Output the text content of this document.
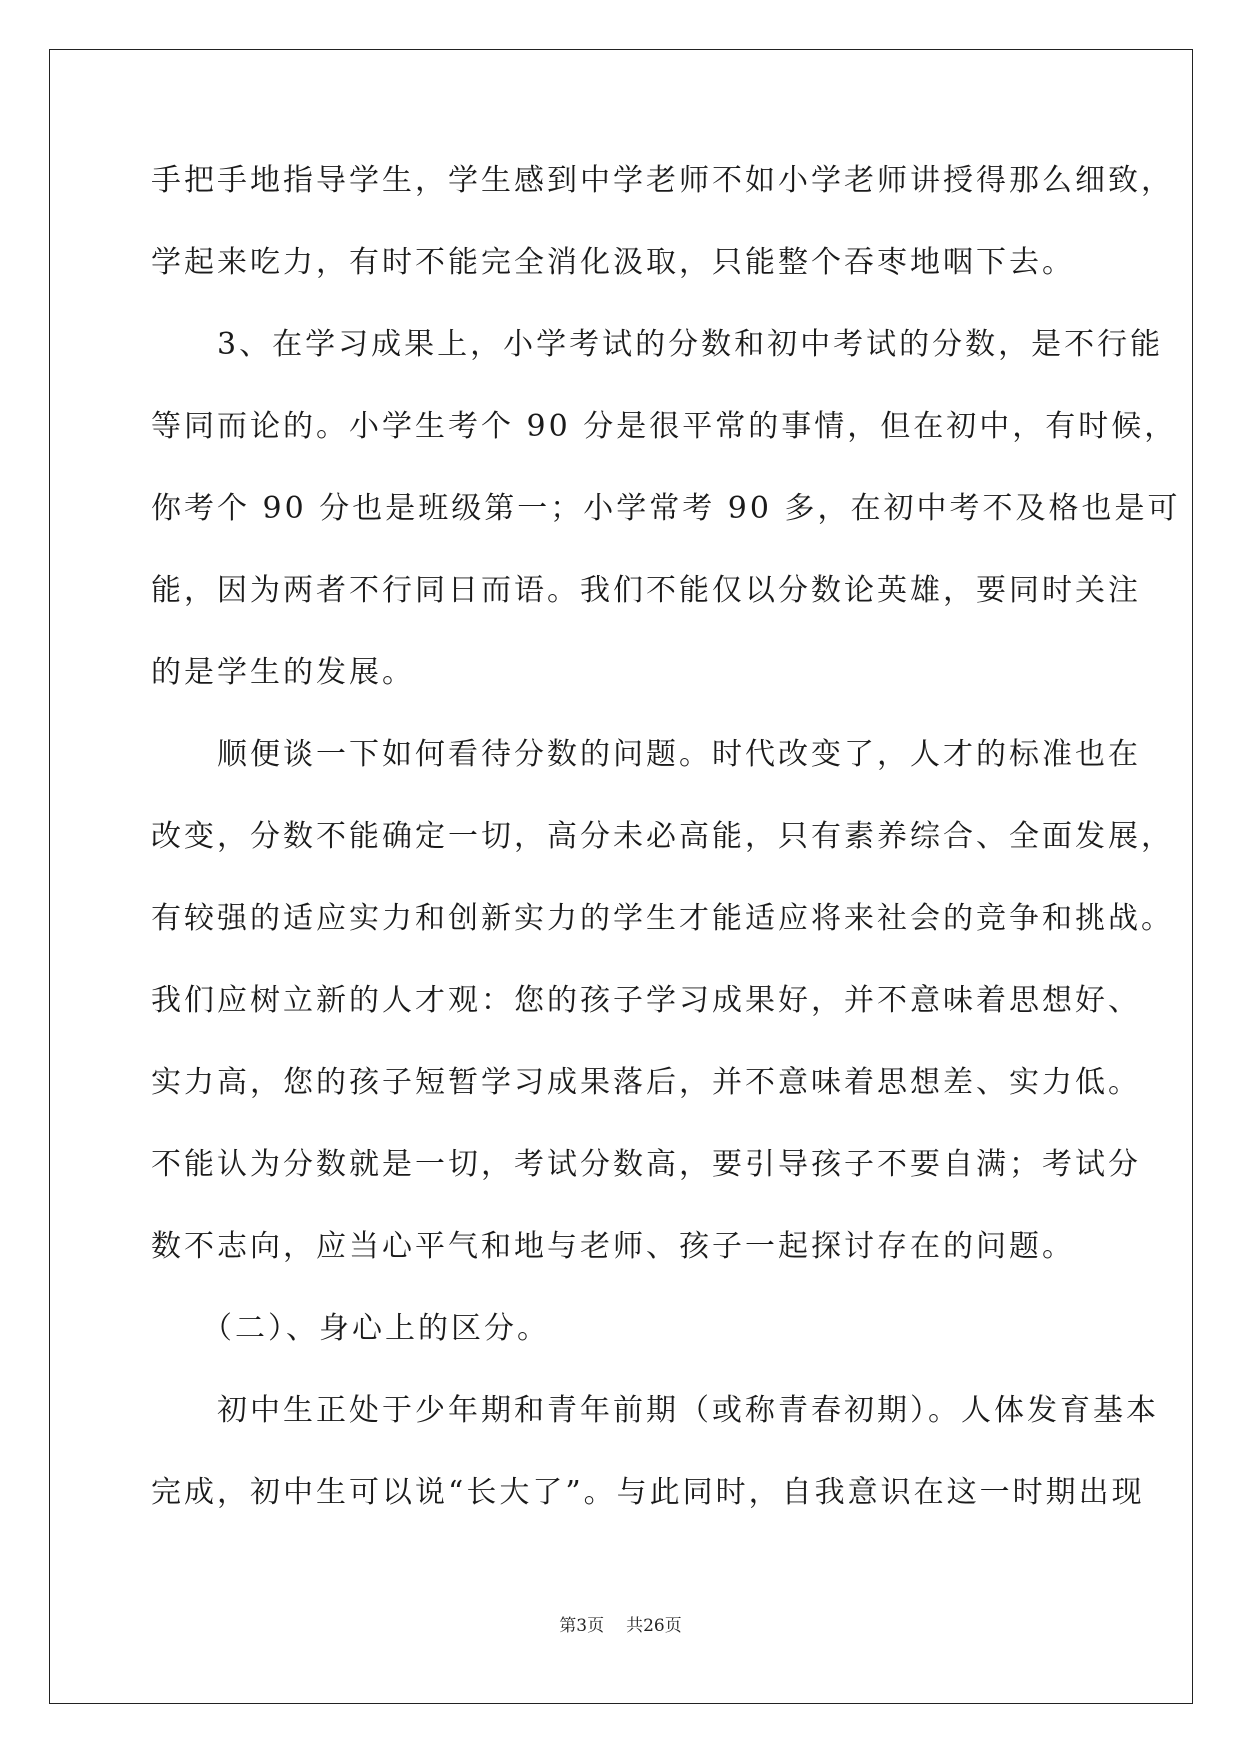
手把手地指导学生，学生感到中学老师不如小学老师讲授得那么细致，
学起来吃力，有时不能完全消化汲取，只能整个吞枣地咽下去。
　　3、在学习成果上，小学考试的分数和初中考试的分数，是不行能
等同而论的。小学生考个 90 分是很平常的事情，但在初中，有时候，
你考个 90 分也是班级第一；小学常考 90 多，在初中考不及格也是可
能，因为两者不行同日而语。我们不能仅以分数论英雄，要同时关注
的是学生的发展。
　　顺便谈一下如何看待分数的问题。时代改变了，人才的标准也在
改变，分数不能确定一切，高分未必高能，只有素养综合、全面发展，
有较强的适应实力和创新实力的学生才能适应将来社会的竞争和挑战。
我们应树立新的人才观：您的孩子学习成果好，并不意味着思想好、
实力高，您的孩子短暂学习成果落后，并不意味着思想差、实力低。
不能认为分数就是一切，考试分数高，要引导孩子不要自满；考试分
数不志向，应当心平气和地与老师、孩子一起探讨存在的问题。
　　（二）、身心上的区分。
　　初中生正处于少年期和青年前期（或称青春初期）。人体发育基本
完成，初中生可以说“长大了”。与此同时，自我意识在这一时期出现
第3页 共26页
